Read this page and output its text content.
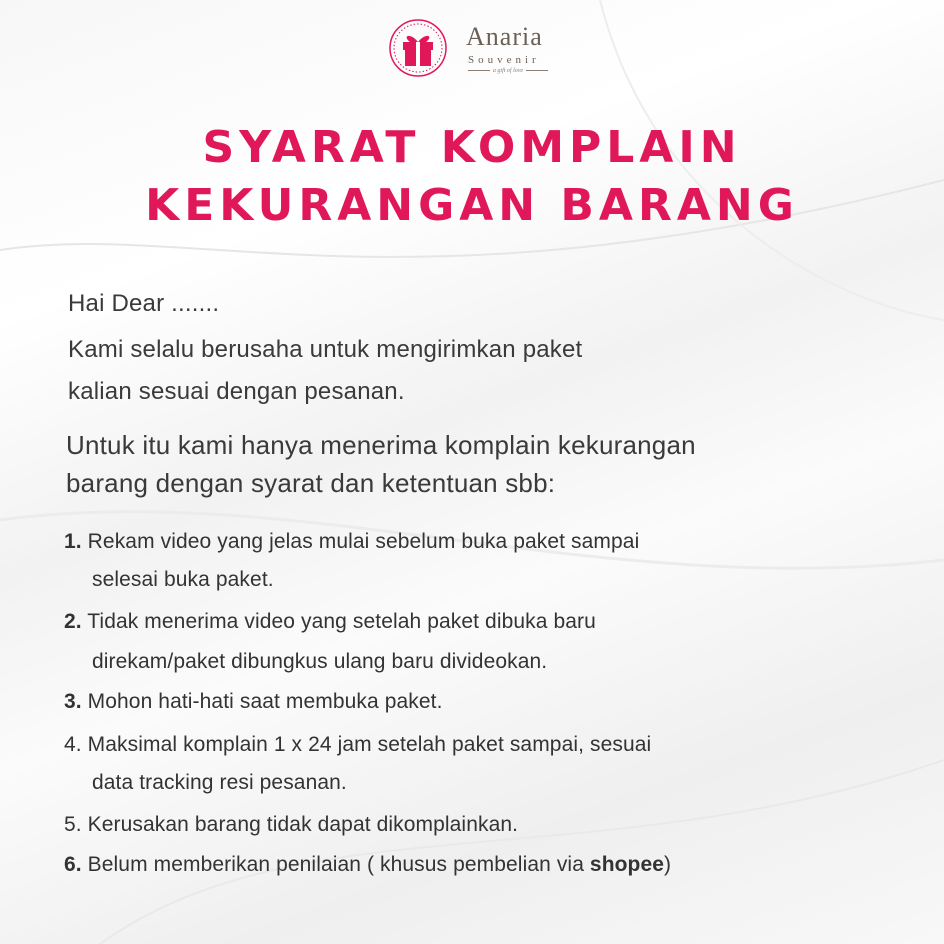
Anaria
Souvenir
a gift of love
SYARAT KOMPLAIN
KEKURANGAN BARANG
Hai Dear .......
Kami selalu berusaha untuk mengirimkan paket
kalian sesuai dengan pesanan.
Untuk itu kami hanya menerima komplain kekurangan
barang dengan syarat dan ketentuan sbb:
1. Rekam video yang jelas mulai sebelum buka paket sampai
selesai buka paket.
2. Tidak menerima video yang setelah paket dibuka baru
direkam/paket dibungkus ulang baru divideokan.
3. Mohon hati-hati saat membuka paket.
4. Maksimal komplain 1 x 24 jam setelah paket sampai, sesuai
data tracking resi pesanan.
5. Kerusakan barang tidak dapat dikomplainkan.
6. Belum memberikan penilaian ( khusus pembelian via shopee)
